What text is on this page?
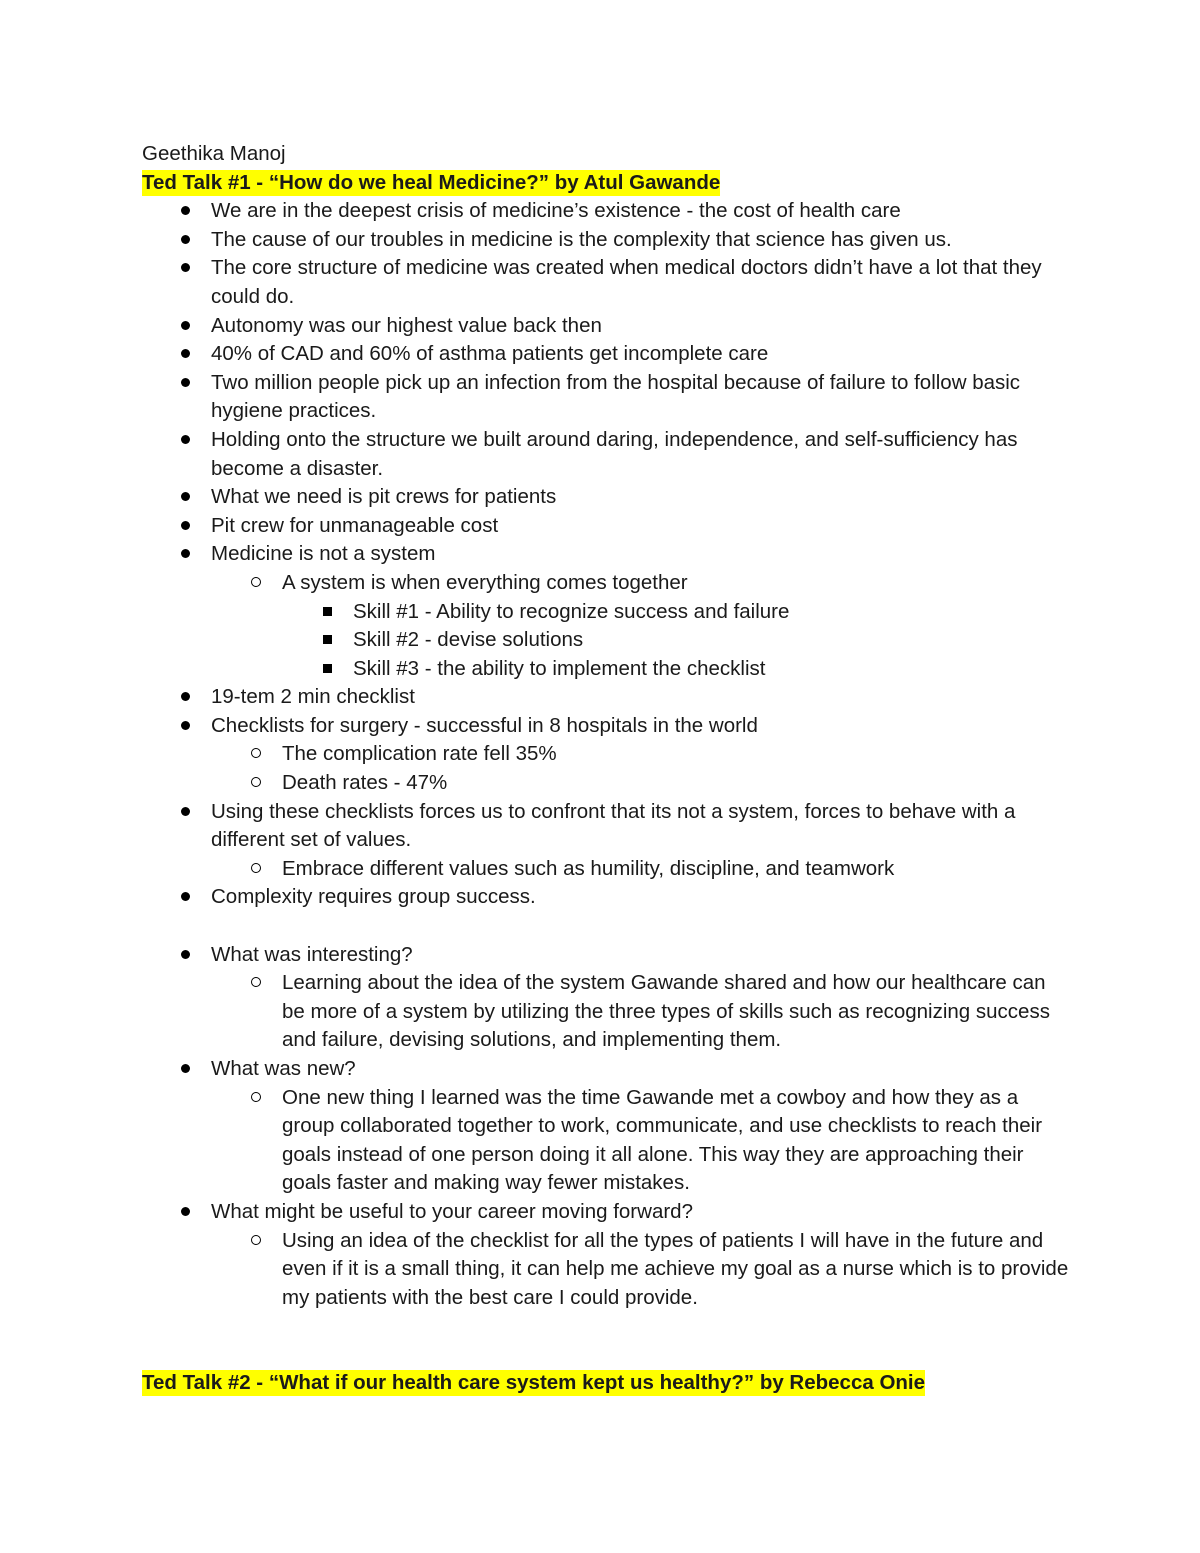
Geethika Manoj

Ted Talk #1 - “How do we heal Medicine?” by Atul Gawande

We are in the deepest crisis of medicine’s existence - the cost of health care
The cause of our troubles in medicine is the complexity that science has given us.
The core structure of medicine was created when medical doctors didn’t have a lot that they could do.
Autonomy was our highest value back then
40% of CAD and 60% of asthma patients get incomplete care
Two million people pick up an infection from the hospital because of failure to follow basic hygiene practices.
Holding onto the structure we built around daring, independence, and self-sufficiency has become a disaster.
What we need is pit crews for patients
Pit crew for unmanageable cost
Medicine is not a system
A system is when everything comes together
Skill #1 - Ability to recognize success and failure
Skill #2 - devise solutions
Skill #3 - the ability to implement the checklist
19-tem 2 min checklist
Checklists for surgery - successful in 8 hospitals in the world
The complication rate fell 35%
Death rates - 47%
Using these checklists forces us to confront that its not a system, forces to behave with a different set of values.
Embrace different values such as humility, discipline, and teamwork
Complexity requires group success.
What was interesting?
Learning about the idea of the system Gawande shared and how our healthcare can be more of a system by utilizing the three types of skills such as recognizing success and failure, devising solutions, and implementing them.
What was new?
One new thing I learned was the time Gawande met a cowboy and how they as a group collaborated together to work, communicate, and use checklists to reach their goals instead of one person doing it all alone. This way they are approaching their goals faster and making way fewer mistakes.
What might be useful to your career moving forward?
Using an idea of the checklist for all the types of patients I will have in the future and even if it is a small thing, it can help me achieve my goal as a nurse which is to provide my patients with the best care I could provide.

Ted Talk #2 - “What if our health care system kept us healthy?” by Rebecca Onie
